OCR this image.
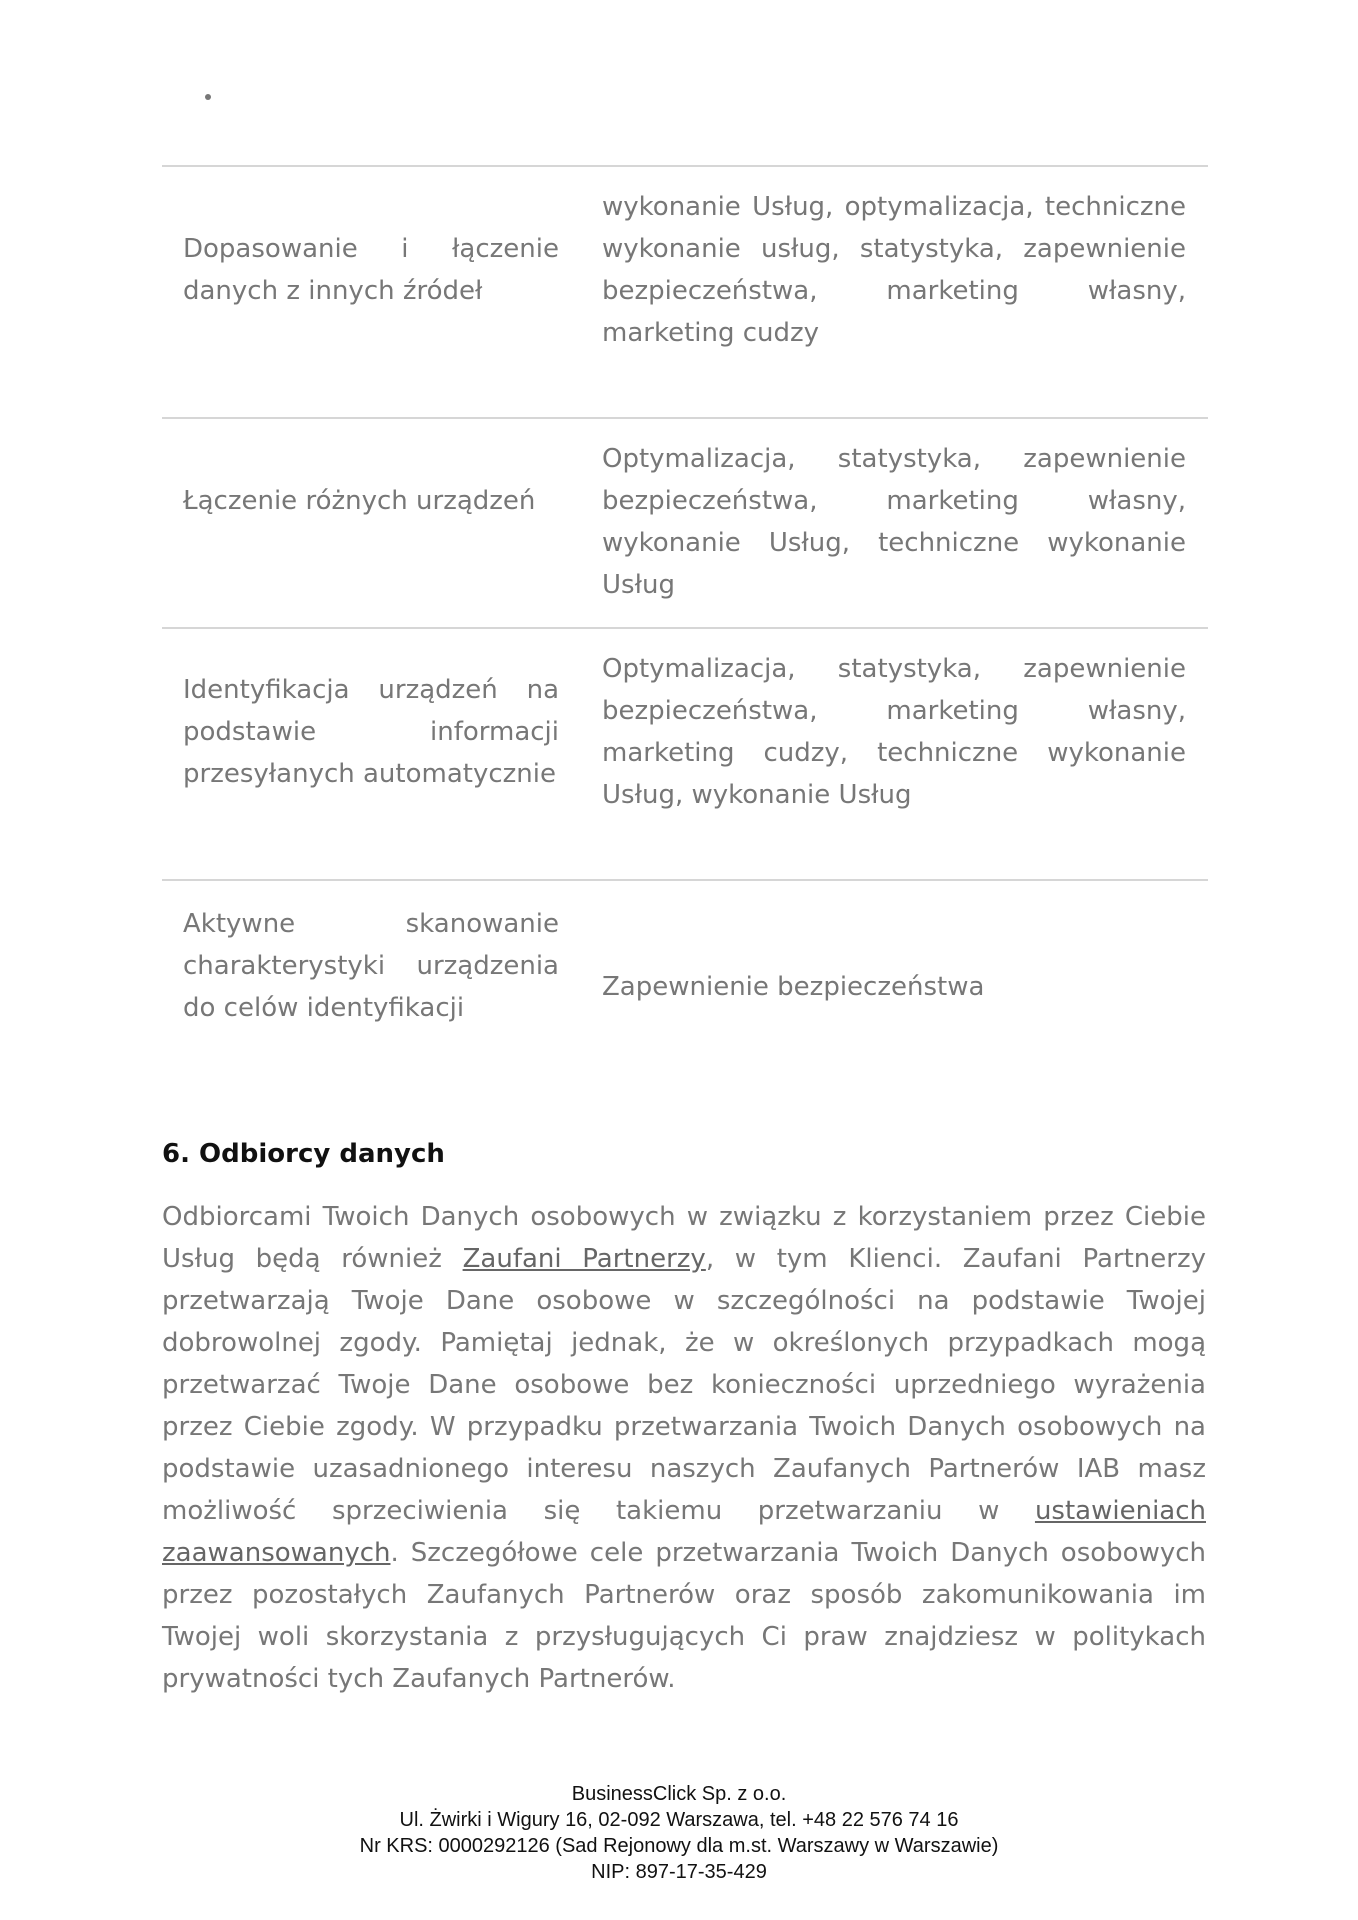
Dopasowanie i łączenie danych z innych źródeł
wykonanie Usług, optymalizacja, techniczne wykonanie usług, statystyka, zapewnienie bezpieczeństwa, marketing własny, marketing cudzy
Łączenie różnych urządzeń
Optymalizacja, statystyka, zapewnienie bezpieczeństwa, marketing własny, wykonanie Usług, techniczne wykonanie Usług
Identyfikacja urządzeń na podstawie informacji przesyłanych automatycznie
Optymalizacja, statystyka, zapewnienie bezpieczeństwa, marketing własny, marketing cudzy, techniczne wykonanie Usług, wykonanie Usług
Aktywne skanowanie charakterystyki urządzenia do celów identyfikacji
Zapewnienie bezpieczeństwa
6. Odbiorcy danych

Odbiorcami Twoich Danych osobowych w związku z korzystaniem przez Ciebie Usług będą również Zaufani Partnerzy, w tym Klienci. Zaufani Partnerzy przetwarzają Twoje Dane osobowe w szczególności na podstawie Twojej dobrowolnej zgody. Pamiętaj jednak, że w określonych przypadkach mogą przetwarzać Twoje Dane osobowe bez konieczności uprzedniego wyrażenia przez Ciebie zgody. W przypadku przetwarzania Twoich Danych osobowych na podstawie uzasadnionego interesu naszych Zaufanych Partnerów IAB masz możliwość sprzeciwienia się takiemu przetwarzaniu w ustawieniach zaawansowanych. Szczegółowe cele przetwarzania Twoich Danych osobowych przez pozostałych Zaufanych Partnerów oraz sposób zakomunikowania im Twojej woli skorzystania z przysługujących Ci praw znajdziesz w politykach prywatności tych Zaufanych Partnerów.

BusinessClick Sp. z o.o.
Ul. Żwirki i Wigury 16, 02-092 Warszawa, tel. +48 22 576 74 16
Nr KRS: 0000292126 (Sad Rejonowy dla m.st. Warszawy w Warszawie)
NIP: 897-17-35-429
